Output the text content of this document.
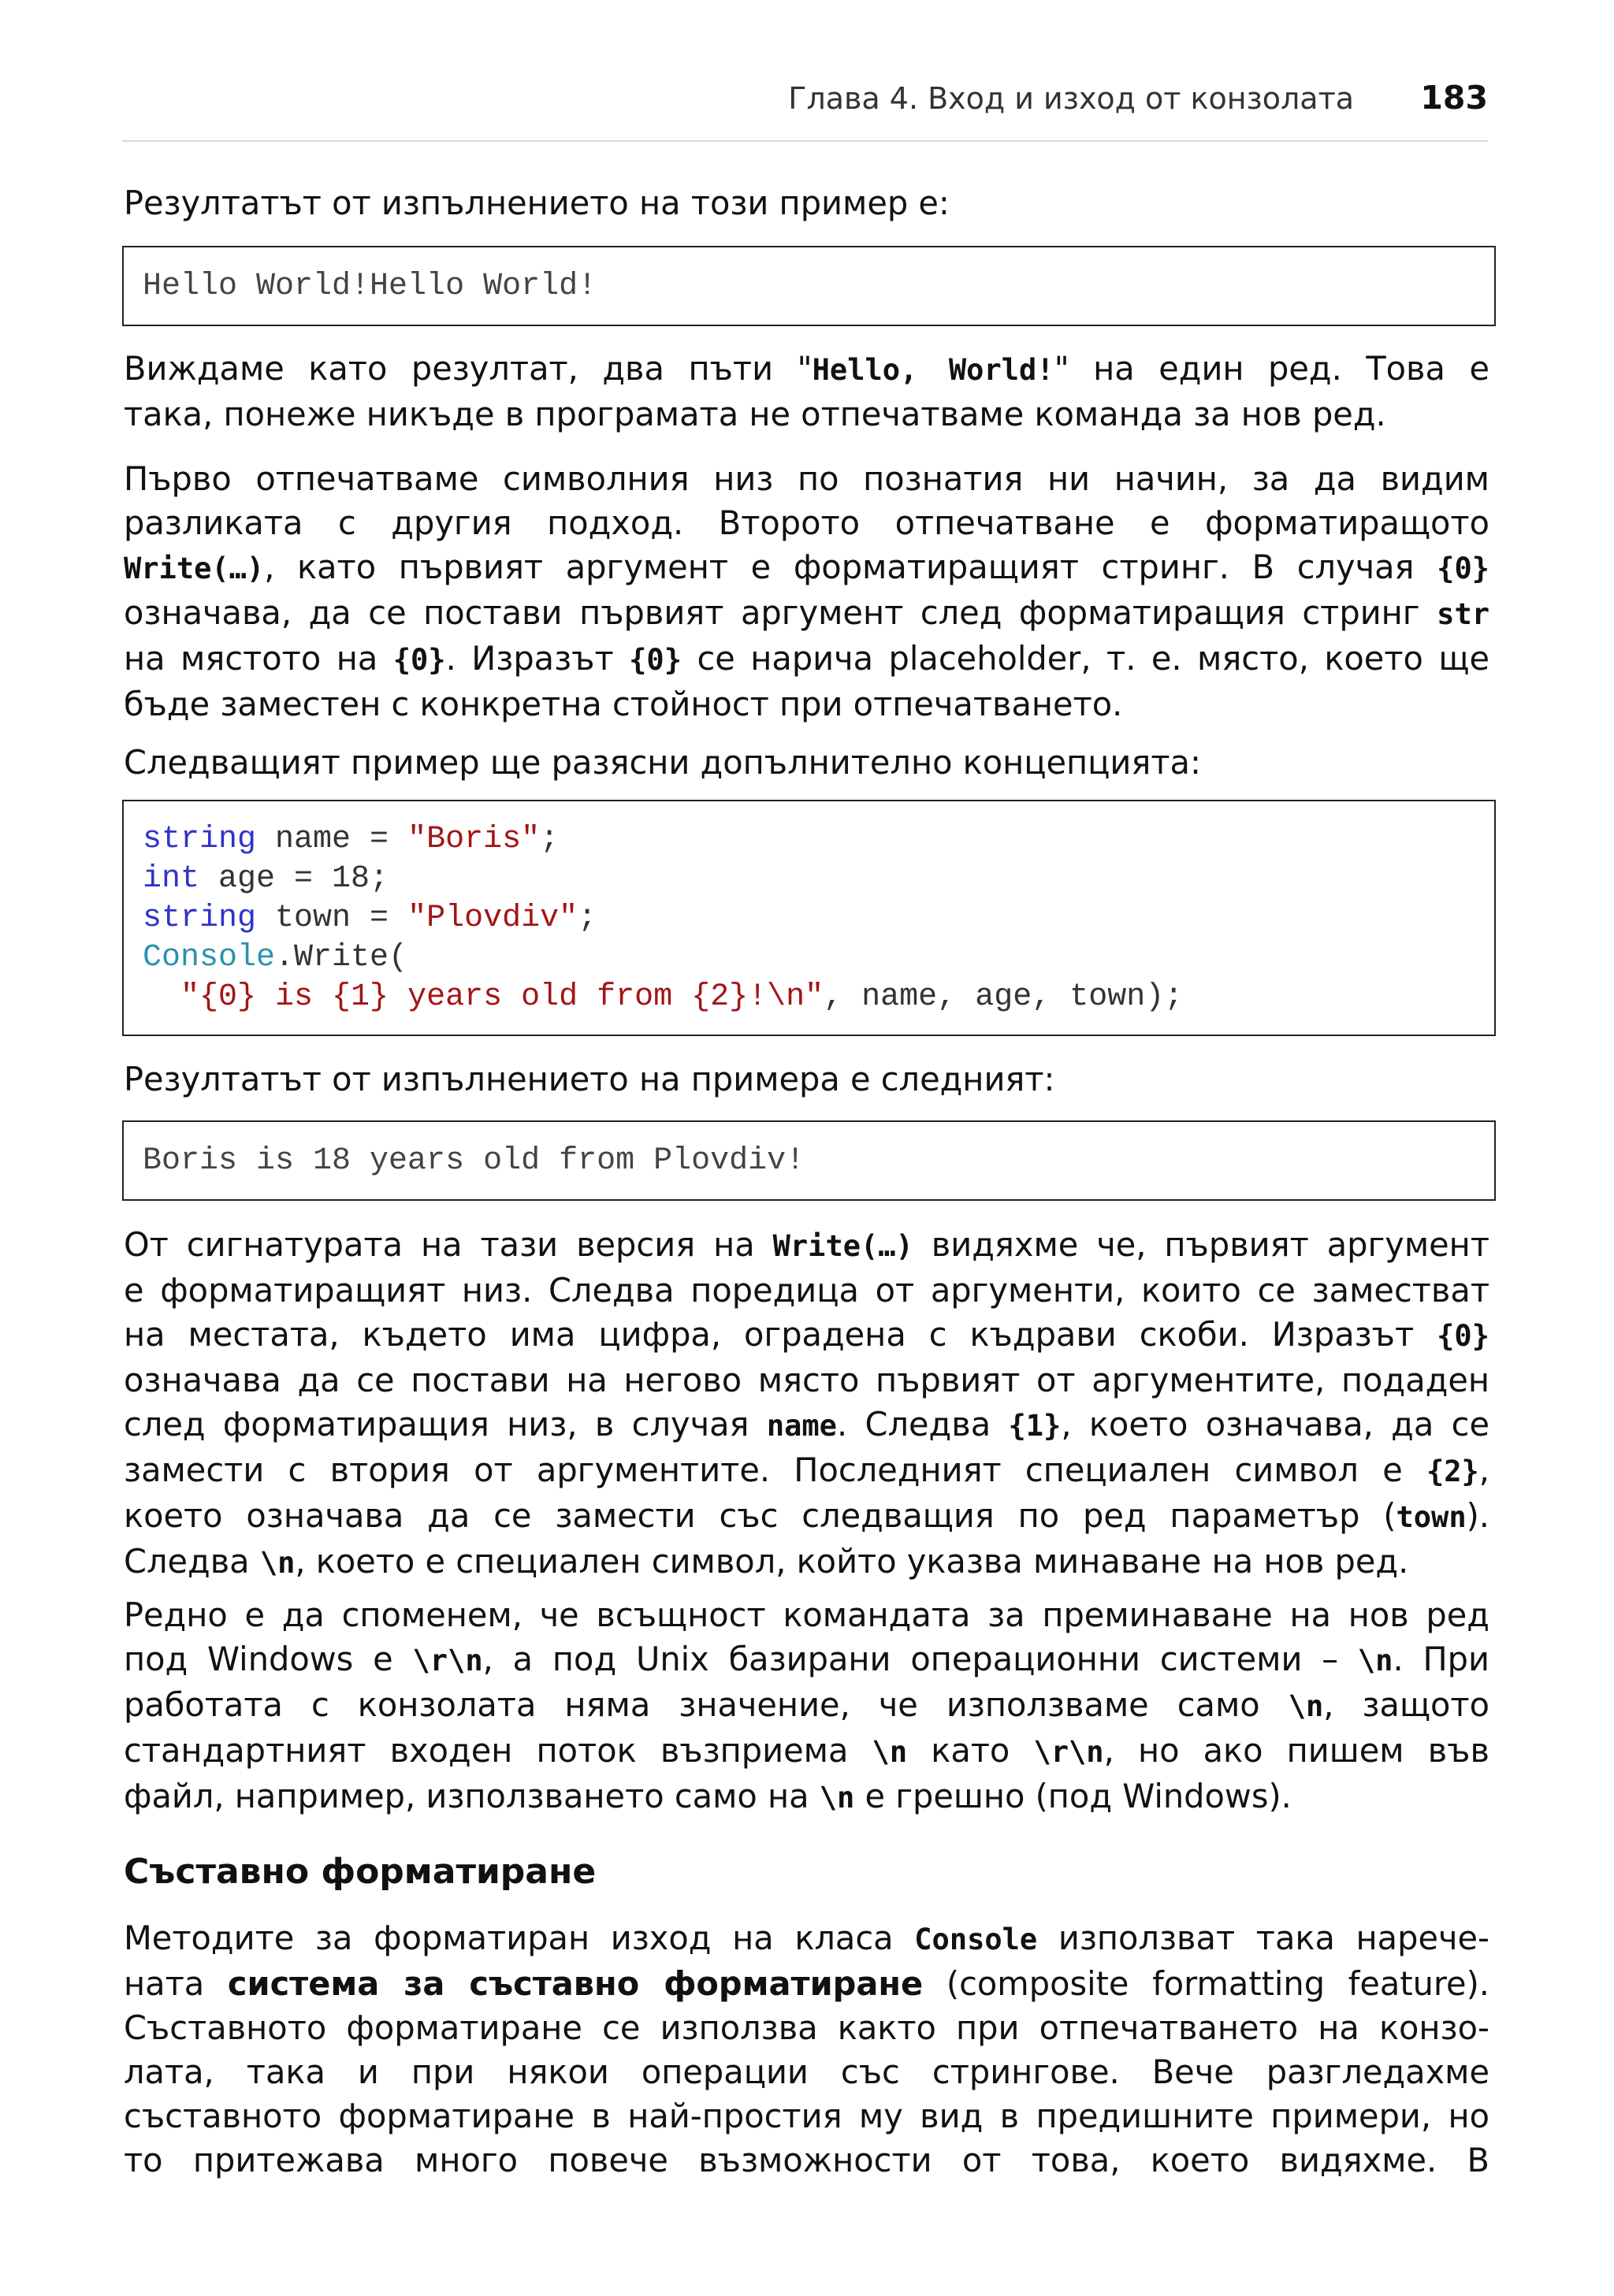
Глава 4. Вход и изход от конзолата 183

Резултатът от изпълнението на този пример е:

Hello World!Hello World!

Виждаме като резултат, два пъти "Hello, World!" на един ред. Това е
така, понеже никъде в програмата не отпечатваме команда за нов ред.

Първо отпечатваме символния низ по познатия ни начин, за да видим
разликата с другия подход. Второто отпечатване е форматиращото
Write(…), като първият аргумент е форматиращият стринг. В случая {0}
означава, да се постави първият аргумент след форматиращия стринг str
на мястото на {0}. Изразът {0} се нарича placeholder, т. е. място, което ще
бъде заместен с конкретна стойност при отпечатването.

Следващият пример ще разясни допълнително концепцията:

string name = "Boris";
int age = 18;
string town = "Plovdiv";
Console.Write(
"{0} is {1} years old from {2}!\n", name, age, town);

Резултатът от изпълнението на примера е следният:

Boris is 18 years old from Plovdiv!

От сигнатурата на тази версия на Write(…) видяхме че, първият аргумент
е форматиращият низ. Следва поредица от аргументи, които се заместват
на местата, където има цифра, оградена с къдрави скоби. Изразът {0}
означава да се постави на негово място първият от аргументите, подаден
след форматиращия низ, в случая name. Следва {1}, което означава, да се
замести с втория от аргументите. Последният специален символ е {2},
което означава да се замести със следващия по ред параметър (town).
Следва \n, което е специален символ, който указва минаване на нов ред.

Редно е да споменем, че всъщност командата за преминаване на нов ред
под Windows е \r\n, а под Unix базирани операционни системи – \n. При
работата с конзолата няма значение, че използваме само \n, защото
стандартният входен поток възприема \n като \r\n, но ако пишем във
файл, например, използването само на \n е грешно (под Windows).

Съставно форматиране

Методите за форматиран изход на класа Console използват така нарече-
ната система за съставно форматиране (composite formatting feature).
Съставното форматиране се използва както при отпечатването на конзо-
лата, така и при някои операции със стрингове. Вече разгледахме
съставното форматиране в най-простия му вид в предишните примери, но
то притежава много повече възможности от това, което видяхме. В
